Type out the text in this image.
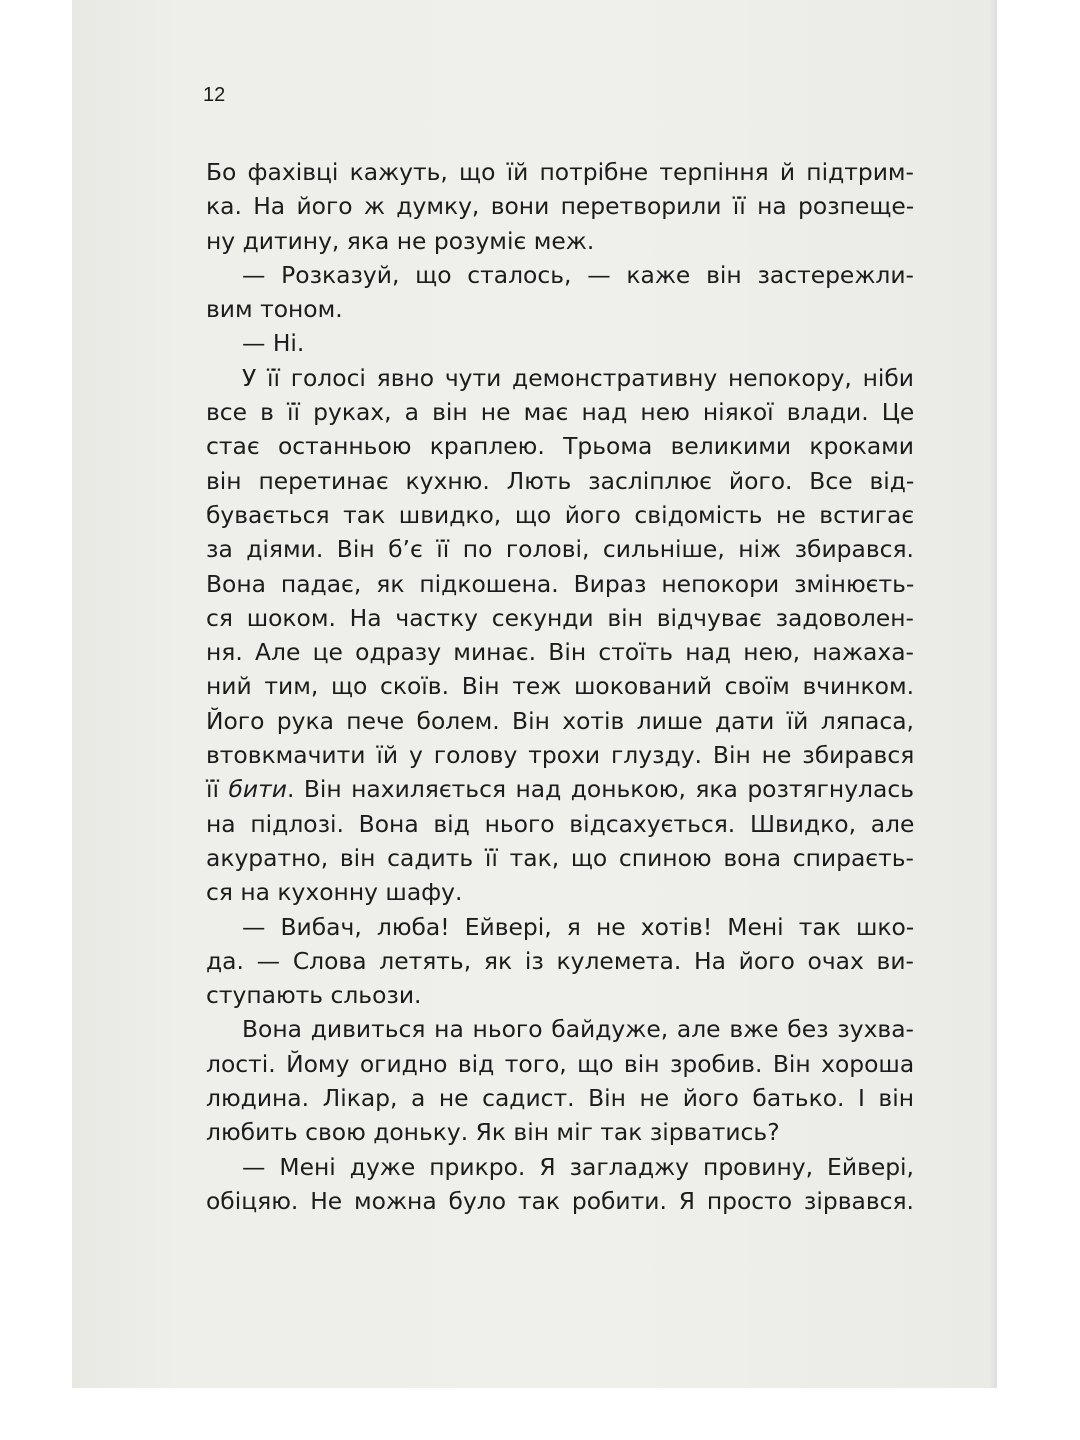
12

Бо фахівці кажуть, що їй потрібне терпіння й підтрим-
ка. На його ж думку, вони перетворили її на розпеще-
ну дитину, яка не розуміє меж.
— Розказуй, що сталось, — каже він застережли-
вим тоном.
— Ні.
У її голосі явно чути демонстративну непокору, ніби
все в її руках, а він не має над нею ніякої влади. Це
стає останньою краплею. Трьома великими кроками
він перетинає кухню. Лють засліплює його. Все від-
бувається так швидко, що його свідомість не встигає
за діями. Він б’є її по голові, сильніше, ніж збирався.
Вона падає, як підкошена. Вираз непокори змінюєть-
ся шоком. На частку секунди він відчуває задоволен-
ня. Але це одразу минає. Він стоїть над нею, нажаха-
ний тим, що скоїв. Він теж шокований своїм вчинком.
Його рука пече болем. Він хотів лише дати їй ляпаса,
втовкмачити їй у голову трохи глузду. Він не збирався
її бити. Він нахиляється над донькою, яка розтягнулась
на підлозі. Вона від нього відсахується. Швидко, але
акуратно, він садить її так, що спиною вона спираєть-
ся на кухонну шафу.
— Вибач, люба! Ейвері, я не хотів! Мені так шко-
да. — Слова летять, як із кулемета. На його очах ви-
ступають сльози.
Вона дивиться на нього байдуже, але вже без зухва-
лості. Йому огидно від того, що він зробив. Він хороша
людина. Лікар, а не садист. Він не його батько. І він
любить свою доньку. Як він міг так зірватись?
— Мені дуже прикро. Я загладжу провину, Ейвері,
обіцяю. Не можна було так робити. Я просто зірвався.
